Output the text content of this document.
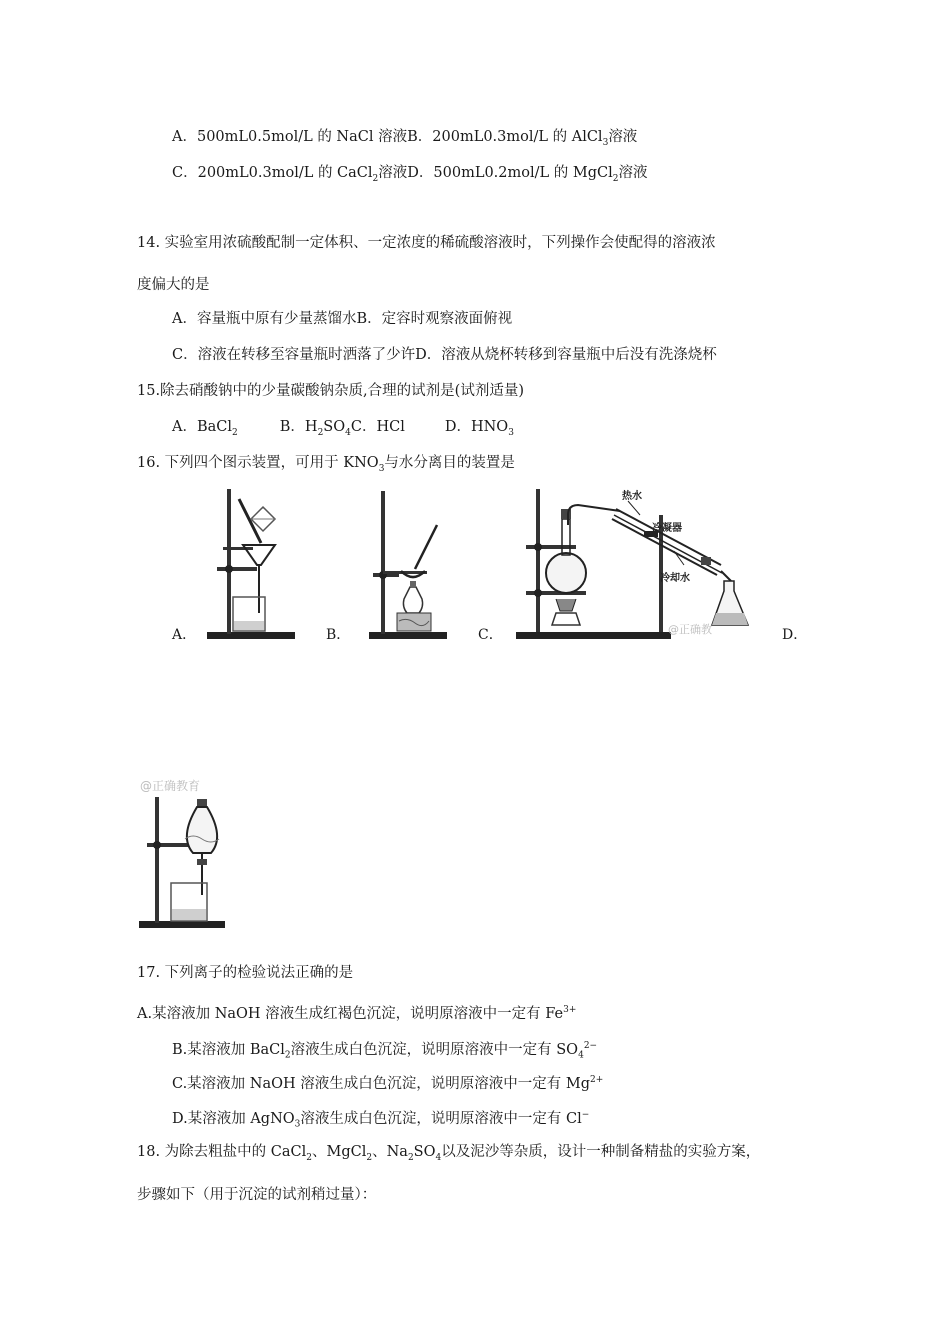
A．500mL0.5mol/L 的 NaCl 溶液B．200mL0.3mol/L 的 AlCl$_3$溶液
C．200mL0.3mol/L 的 CaCl$_2$溶液D．500mL0.2mol/L 的 MgCl$_2$溶液
14. 实验室用浓硫酸配制一定体积、一定浓度的稀硫酸溶液时，下列操作会使配得的溶液浓
度偏大的是
A．容量瓶中原有少量蒸馏水B．定容时观察液面俯视
C．溶液在转移至容量瓶时洒落了少许D．溶液从烧杯转移到容量瓶中后没有洗涤烧杯
15.除去硝酸钠中的少量碳酸钠杂质,合理的试剂是(试剂适量)
A．BaCl$_2$	B．$H_2SO_4C$．HCl	D．$HNO_3$
16. 下列四个图示装置，可用于 $KNO_3$与水分离目的装置是
A．	B．	C．	D．
热水
冷凝器
冷却水
@正确教
@正确教育
17. 下列离子的检验说法正确的是
A.某溶液加 NaOH 溶液生成红褐色沉淀，说明原溶液中一定有 $Fe^{3+}$
B.某溶液加 BaCl$_2$溶液生成白色沉淀，说明原溶液中一定有 $SO_4^{2-}$
C.某溶液加 NaOH 溶液生成白色沉淀，说明原溶液中一定有 $Mg^{2+}$
D.某溶液加 AgNO$_3$溶液生成白色沉淀，说明原溶液中一定有 Cl−
18. 为除去粗盐中的 CaCl$_2$、MgCl$_2$、$Na_2SO_4$以及泥沙等杂质，设计一种制备精盐的实验方案，
步骤如下（用于沉淀的试剂稍过量）：
